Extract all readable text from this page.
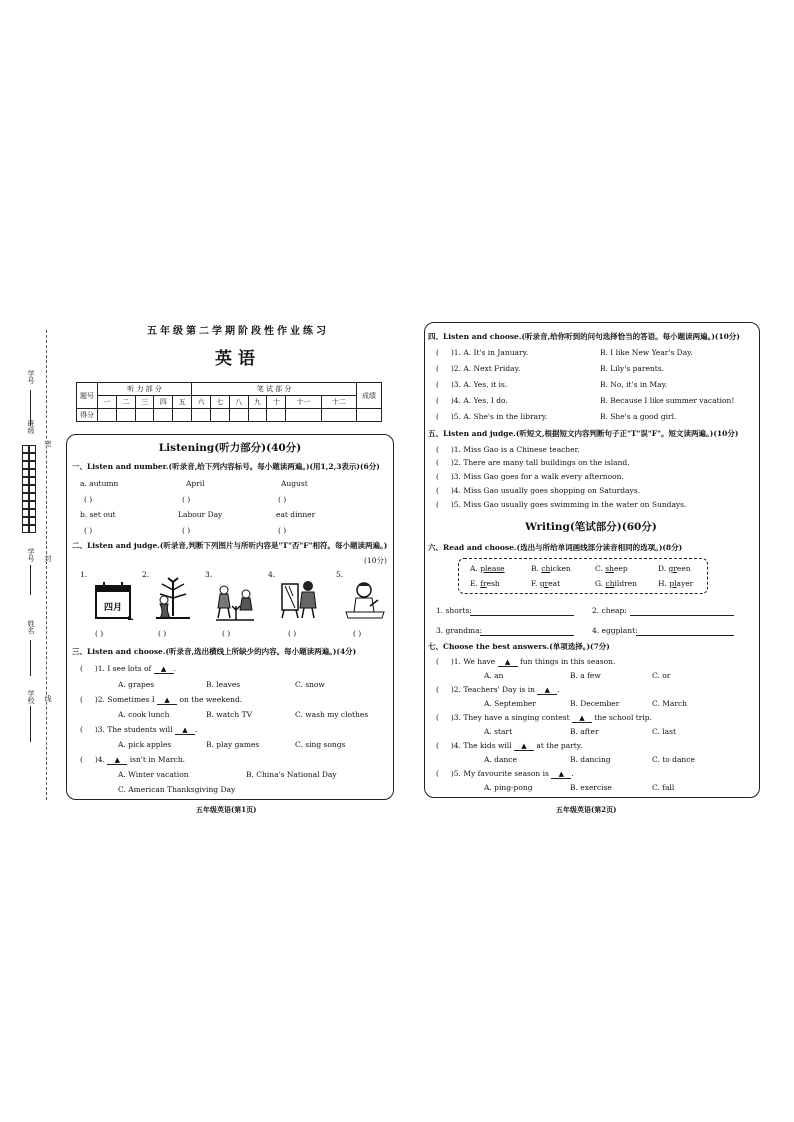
学号
密
班级
学号 封
姓名
学校 线
五年级第二学期阶段性作业练习
英 语
题号	听 力 部 分					笔 试 部 分							成绩
	一	二	三	四	五	六	七	八	九	十	十一	十二	
得分													
Listening(听力部分)(40分)
一、Listen and number.(听录音,给下列内容标号。每小题读两遍。)(用1,2,3表示)(6分)
a. autumn	April	August
( )	( )	( )
b. set out	Labour Day	eat dinner
( )	( )	( )
二、Listen and judge.(听录音,判断下列图片与所听内容是"T"否"F"相符。每小题读两遍。)
(10分)
1.	2.	3.	4.	5.
四月
( )	( )	( )	( )	( )
三、Listen and choose.(听录音,选出横线上所缺少的内容。每小题读两遍。)(4分)
(     )1. I see lots of ▲ .
A. grapes	B. leaves	C. snow
(     )2. Sometimes I ▲ on the weekend.
A. cook lunch	B. watch TV	C. wash my clothes
(     )3. The students will ▲ .
A. pick apples	B. play games	C. sing songs
(     )4. ▲ isn't in March.
A. Winter vacation	B. China's National Day
C. American Thanksgiving Day
五年级英语(第1页)
四、Listen and choose.(听录音,给你听到的问句选择恰当的答语。每小题读两遍。)(10分)
(     )1. A. It's in January.	B. I like New Year's Day.
(     )2. A. Next Friday.	B. Lily's parents.
(     )3. A. Yes, it is.	B. No, it's in May.
(     )4. A. Yes, I do.	B. Because I like summer vacation!
(     )5. A. She's in the library.	B. She's a good girl.
五、Listen and judge.(听短文,根据短文内容判断句子正"T"误"F"。短文读两遍。)(10分)
(     )1. Miss Gao is a Chinese teacher.
(     )2. There are many tall buildings on the island.
(     )3. Miss Gao goes for a walk every afternoon.
(     )4. Miss Gao usually goes shopping on Saturdays.
(     )5. Miss Gao usually goes swimming in the water on Sundays.
Writing(笔试部分)(60分)
六、Read and choose.(选出与所给单词画线部分读音相同的选项。)(8分)
A. please	B. chicken	C. sheep	D. green
E. fresh	F. great	G. children	H. player
1. shorts:	2. cheap:
3. grandma:	4. eggplant:
七、Choose the best answers.(单项选择。)(7分)
(     )1. We have ▲ fun things in this season.
A. an	B. a few	C. or
(     )2. Teachers' Day is in ▲ .
A. September	B. December	C. March
(     )3. They have a singing contest ▲ the school trip.
A. start	B. after	C. last
(     )4. The kids will ▲ at the party.
A. dance	B. dancing	C. to dance
(     )5. My favourite season is ▲ .
A. ping-pong	B. exercise	C. fall
五年级英语(第2页)
